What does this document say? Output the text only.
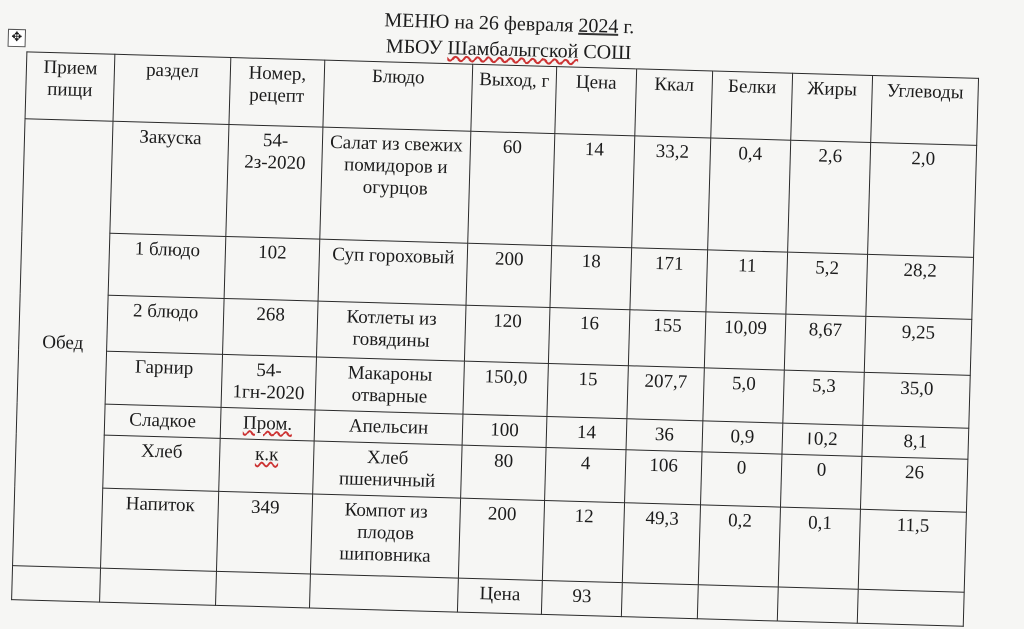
МЕНЮ на 26 февраля 2024 г.
МБОУ Шамбалыгской СОШ
✥
Прием пищи	раздел	Номер, рецепт	Блюдо	Выход, г	Цена	Ккал	Белки	Жиры	Углеводы
Обед	Закуска	54-2з-2020	Салат из свежих помидоров и огурцов	60	14	33,2	0,4	2,6	2,0
	1 блюдо	102	Суп гороховый	200	18	171	11	5,2	28,2
	2 блюдо	268	Котлеты из говядины	120	16	155	10,09	8,67	9,25
	Гарнир	54-1гн-2020	Макароны отварные	150,0	15	207,7	5,0	5,3	35,0
	Сладкое	Пром.	Апельсин	100	14	36	0,9	I0,2	8,1
	Хлеб	к.к	Хлеб пшеничный	80	4	106	0	0	26
	Напиток	349	Компот из плодов шиповника	200	12	49,3	0,2	0,1	11,5
				Цена	93				
